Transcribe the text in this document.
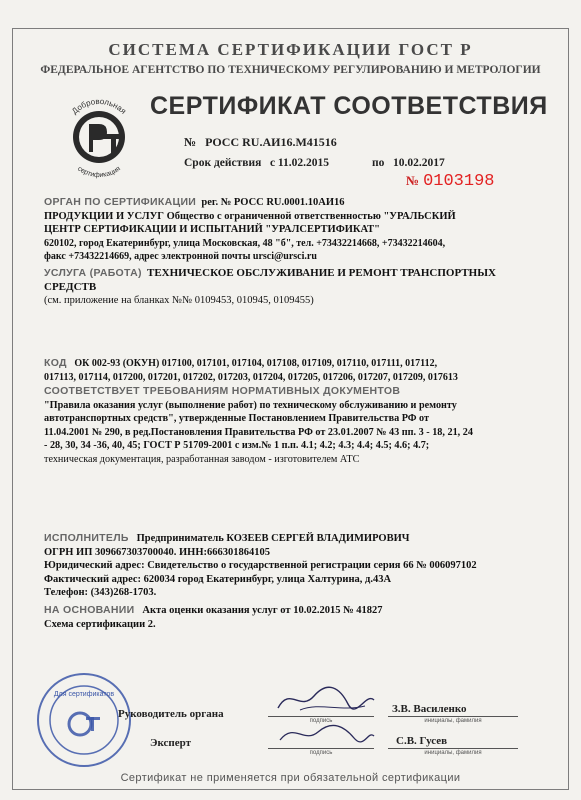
СИСТЕМА СЕРТИФИКАЦИИ ГОСТ Р
ФЕДЕРАЛЬНОЕ АГЕНТСТВО ПО ТЕХНИЧЕСКОМУ РЕГУЛИРОВАНИЮ И МЕТРОЛОГИИ
Добровольная
сертификация
СЕРТИФИКАТ СООТВЕТСТВИЯ
№ РОСС RU.АИ16.М41516
Срок действия с 11.02.2015	по 10.02.2017
№ 0103198
ОРГАН ПО СЕРТИФИКАЦИИ рег. № РОСС RU.0001.10АИ16
ПРОДУКЦИИ И УСЛУГ Общество с ограниченной ответственностью "УРАЛЬСКИЙ
ЦЕНТР СЕРТИФИКАЦИИ И ИСПЫТАНИЙ "УРАЛСЕРТИФИКАТ"
620102, город Екатеринбург, улица Московская, 48 "б", тел. +73432214668, +73432214604,
факс +73432214669, адрес электронной почты ursci@ursci.ru
УСЛУГА (РАБОТА) ТЕХНИЧЕСКОЕ ОБСЛУЖИВАНИЕ И РЕМОНТ ТРАНСПОРТНЫХ
СРЕДСТВ
(см. приложение на бланках №№ 0109453, 010945, 0109455)
КОД ОК 002-93 (ОКУН) 017100, 017101, 017104, 017108, 017109, 017110, 017111, 017112,
017113, 017114, 017200, 017201, 017202, 017203, 017204, 017205, 017206, 017207, 017209, 017613
СООТВЕТСТВУЕТ ТРЕБОВАНИЯМ НОРМАТИВНЫХ ДОКУМЕНТОВ
"Правила оказания услуг (выполнение работ) по техническому обслуживанию и ремонту
автотранспортных средств", утвержденные Постановлением Правительства РФ от
11.04.2001 № 290, в ред.Постановления Правительства РФ от 23.01.2007 № 43 пп. 3 - 18, 21, 24
- 28, 30, 34 -36, 40, 45; ГОСТ Р 51709-2001 с изм.№ 1 п.п. 4.1; 4.2; 4.3; 4.4; 4.5; 4.6; 4.7;
техническая документация, разработанная заводом - изготовителем АТС
ИСПОЛНИТЕЛЬ Предприниматель КОЗЕЕВ СЕРГЕЙ ВЛАДИМИРОВИЧ
ОГРН ИП 309667303700040. ИНН:666301864105
Юридический адрес: Свидетельство о государственной регистрации серия 66 № 006097102
Фактический адрес: 620034 город Екатеринбург, улица Халтурина, д.43А
Телефон: (343)268-1703.
НА ОСНОВАНИИ Акта оценки оказания услуг от 10.02.2015 № 41827
Схема сертификации 2.
Для сертификатов
Руководитель органа
подпись
З.В. Василенко
инициалы, фамилия
Эксперт
подпись
С.В. Гусев
инициалы, фамилия
Сертификат не применяется при обязательной сертификации
